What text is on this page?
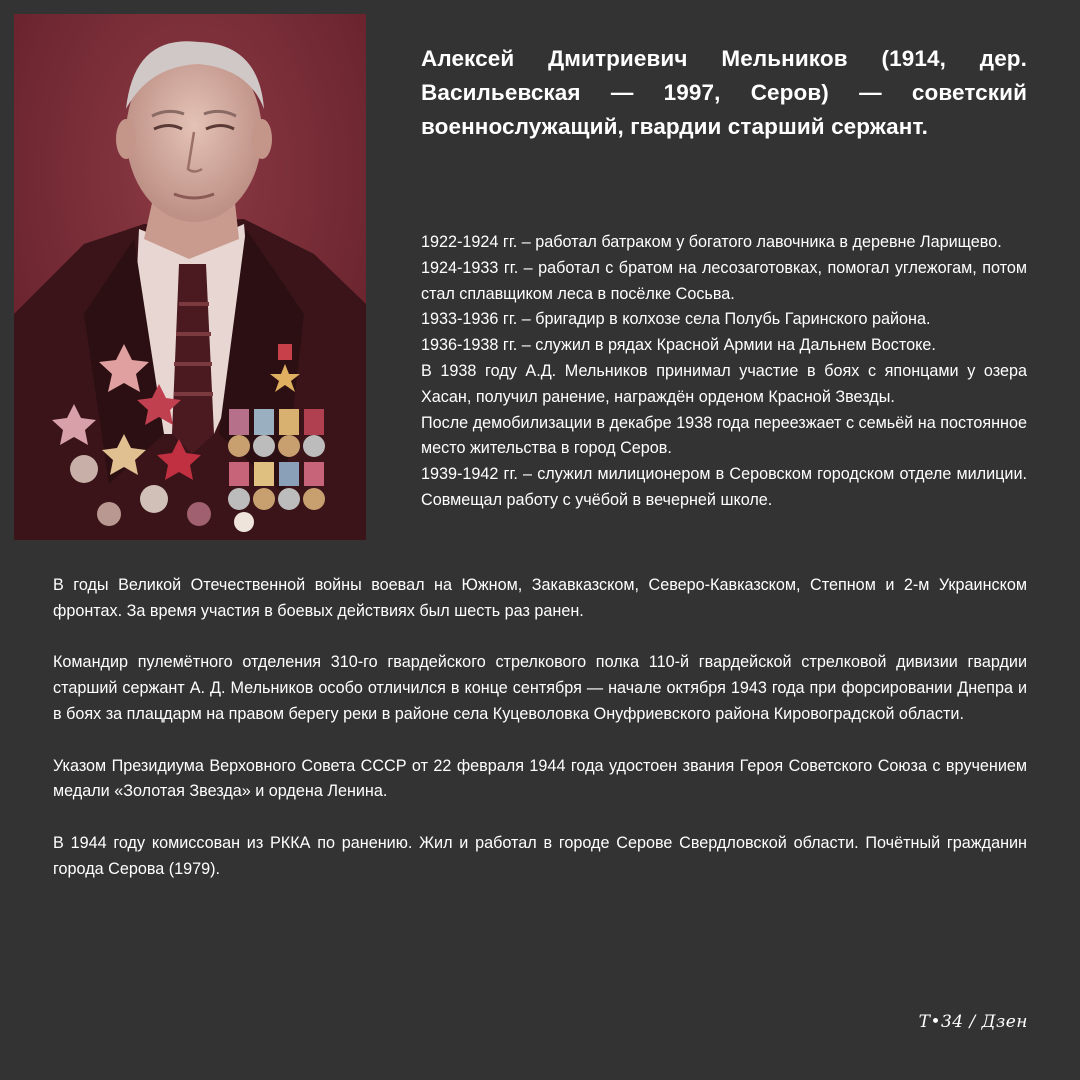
Алексей Дмитриевич Мельников (1914, дер. Васильевская — 1997, Серов) — советский военнослужащий, гвардии старший сержант.

1922-1924 гг. – работал батраком у богатого лавочника в деревне Ларищево.

1924-1933 гг. – работал с братом на лесозаготовках, помогал углежогам, потом стал сплавщиком леса в посёлке Сосьва.

1933-1936 гг. – бригадир в колхозе села Полубь Гаринского района.

1936-1938 гг. – служил в рядах Красной Армии на Дальнем Востоке.

В 1938 году А.Д. Мельников принимал участие в боях с японцами у озера Хасан, получил ранение, награждён орденом Красной Звезды.

После демобилизации в декабре 1938 года переезжает с семьёй на постоянное место жительства в город Серов.

1939-1942 гг. – служил милиционером в Серовском городском отделе милиции. Совмещал работу с учёбой в вечерней школе.

В годы Великой Отечественной войны воевал на Южном, Закавказском, Северо-Кавказском, Степном и 2-м Украинском фронтах. За время участия в боевых действиях был шесть раз ранен.

Командир пулемётного отделения 310-го гвардейского стрелкового полка 110-й гвардейской стрелковой дивизии гвардии старший сержант А. Д. Мельников особо отличился в конце сентября — начале октября 1943 года при форсировании Днепра и в боях за плацдарм на правом берегу реки в районе села Куцеволовка Онуфриевского района Кировоградской области.

Указом Президиума Верховного Совета СССР от 22 февраля 1944 года удостоен звания Героя Советского Союза с вручением медали «Золотая Звезда» и ордена Ленина.

В 1944 году комиссован из РККА по ранению. Жил и работал в городе Серове Свердловской области. Почётный гражданин города Серова (1979).

Т•34 / Дзен
